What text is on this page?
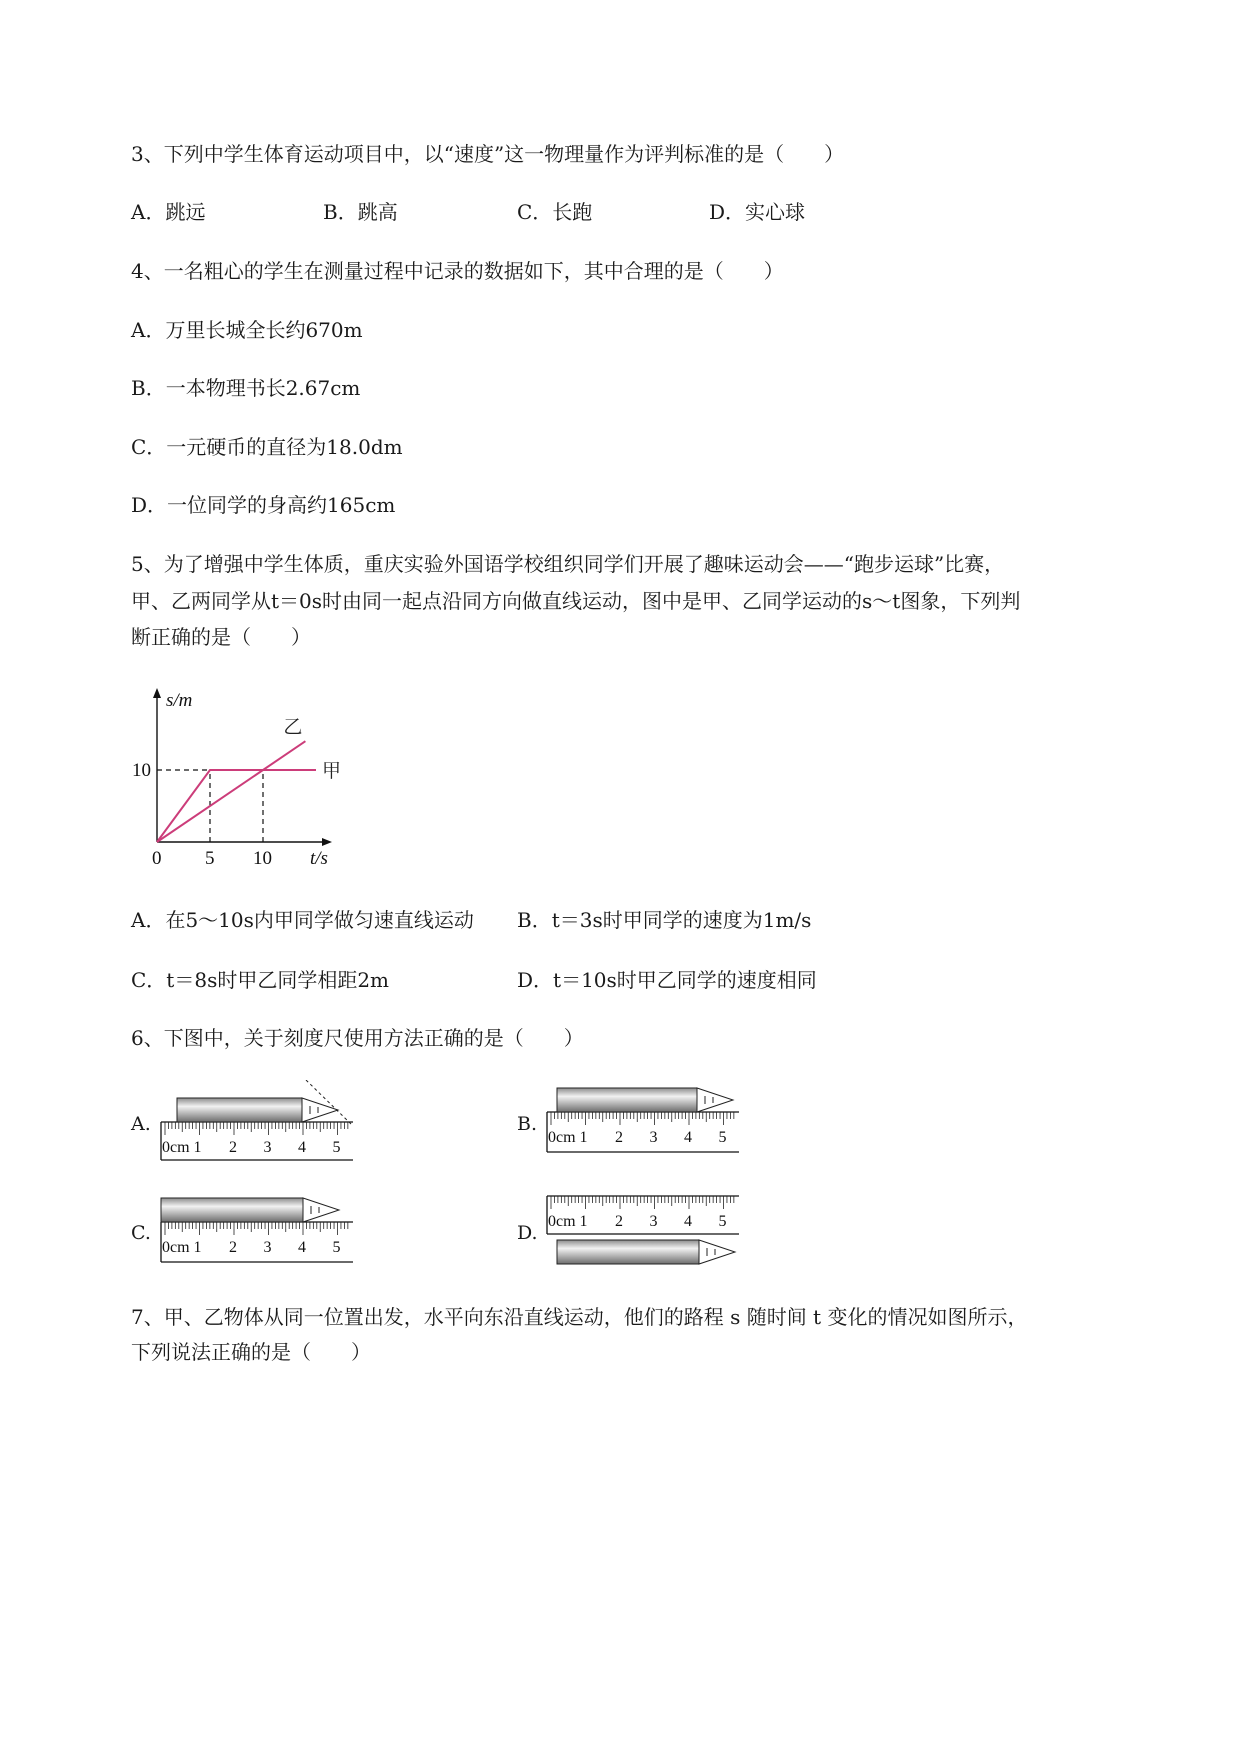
3、下列中学生体育运动项目中，以“速度”这一物理量作为评判标准的是（　　）
A．跳远	B．跳高	C．长跑	D．实心球
4、一名粗心的学生在测量过程中记录的数据如下，其中合理的是（　　）
A．万里长城全长约670m
B．一本物理书长2.67cm
C．一元硬币的直径为18.0dm
D．一位同学的身高约165cm
5、为了增强中学生体质，重庆实验外国语学校组织同学们开展了趣味运动会——“跑步运球”比赛，
甲、乙两同学从t＝0s时由同一起点沿同方向做直线运动，图中是甲、乙同学运动的s～t图象，下列判
断正确的是（　　）
甲
乙
0 5 10
10
s/m
t/s
A．在5～10s内甲同学做匀速直线运动 B．t＝3s时甲同学的速度为1m/s
C．t＝8s时甲乙同学相距2m	D．t＝10s时甲乙同学的速度相同
6、下图中，关于刻度尺使用方法正确的是（　　）
A.
0cm 1 2 3 4 5
B.
0cm 1 2 3 4 5
C.
0cm 1 2 3 4 5
D.
0cm 1 2 3 4 5
7、甲、乙物体从同一位置出发，水平向东沿直线运动，他们的路程 s 随时间 t 变化的情况如图所示，
下列说法正确的是（　　）
